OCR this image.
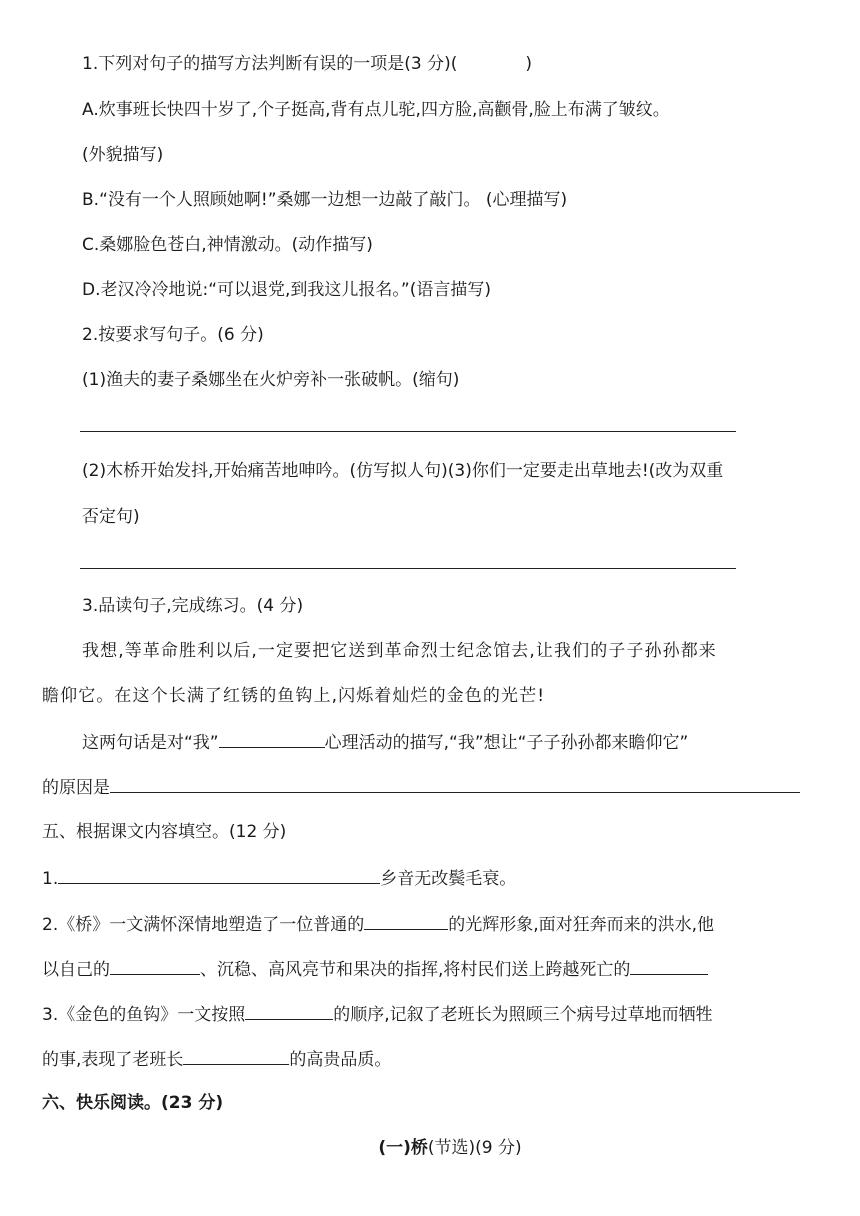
1.下列对句子的描写方法判断有误的一项是(3 分)(　　　　)
A.炊事班长快四十岁了,个子挺高,背有点儿驼,四方脸,高颧骨,脸上布满了皱纹。
(外貌描写)
B.“没有一个人照顾她啊!”桑娜一边想一边敲了敲门。 (心理描写)
C.桑娜脸色苍白,神情激动。(动作描写)
D.老汉冷冷地说:“可以退党,到我这儿报名。”(语言描写)
2.按要求写句子。(6 分)
(1)渔夫的妻子桑娜坐在火炉旁补一张破帆。(缩句)
(2)木桥开始发抖,开始痛苦地呻吟。(仿写拟人句)(3)你们一定要走出草地去!(改为双重
否定句)
3.品读句子,完成练习。(4 分)
我想,等革命胜利以后,一定要把它送到革命烈士纪念馆去,让我们的子子孙孙都来
瞻仰它。在这个长满了红锈的鱼钩上,闪烁着灿烂的金色的光芒!
这两句话是对“我”	心理活动的描写,“我”想让“子子孙孙都来瞻仰它”
的原因是
五、根据课文内容填空。(12 分)
1.	乡音无改鬓毛衰。
2.《桥》一文满怀深情地塑造了一位普通的	的光辉形象,面对狂奔而来的洪水,他
以自己的	、沉稳、高风亮节和果决的指挥,将村民们送上跨越死亡的
3.《金色的鱼钩》一文按照	的顺序,记叙了老班长为照顾三个病号过草地而牺牲
的事,表现了老班长	的高贵品质。
六、快乐阅读。(23 分)
(一)桥(节选)(9 分)
